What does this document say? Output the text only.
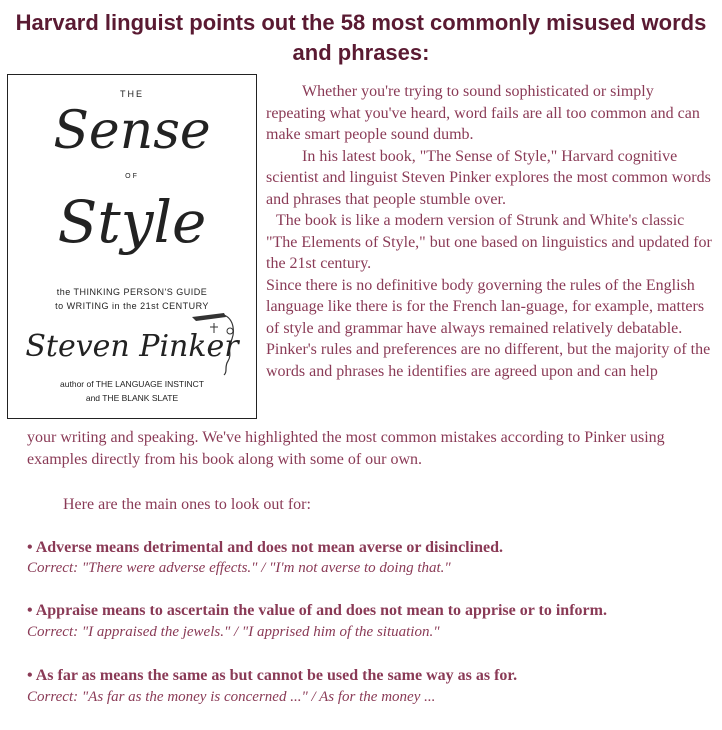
Harvard linguist points out the 58 most commonly misused words and phrases:
THE
Sense
OF
Style
the THINKING PERSON'S GUIDE
to WRITING in the 21st CENTURY
Steven Pinker
author of THE LANGUAGE INSTINCT
and THE BLANK SLATE

Whether you're trying to sound sophisticated or simply repeating what you've heard, word fails are all too common and can make smart people sound dumb.

In his latest book, "The Sense of Style," Harvard cognitive scientist and linguist Steven Pinker explores the most common words and phrases that people stumble over.

The book is like a modern version of Strunk and White's classic "The Elements of Style," but one based on linguistics and updated for the 21st century.

Since there is no definitive body governing the rules of the English language like there is for the French lan-guage, for example, matters of style and grammar have always remained relatively debatable. Pinker's rules and preferences are no different, but the majority of the words and phrases he identifies are agreed upon and can help

your writing and speaking. We've highlighted the most common mistakes according to Pinker using examples directly from his book along with some of our own.

Here are the main ones to look out for:
• Adverse means detrimental and does not mean averse or disinclined.
Correct: "There were adverse effects." / "I'm not averse to doing that."
• Appraise means to ascertain the value of and does not mean to apprise or to inform.
Correct: "I appraised the jewels." / "I apprised him of the situation."
• As far as means the same as but cannot be used the same way as as for.
Correct: "As far as the money is concerned ..." / As for the money ...
